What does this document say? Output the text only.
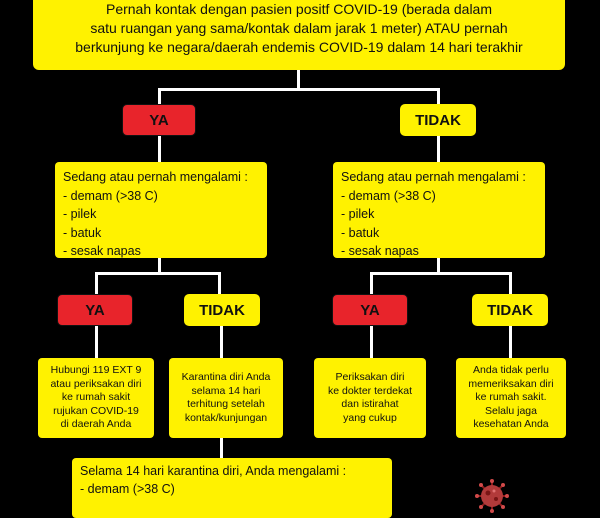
Pernah kontak dengan pasien positf COVID-19 (berada dalam
satu ruangan yang sama/kontak dalam jarak 1 meter) ATAU pernah
berkunjung ke negara/daerah endemis COVID-19 dalam 14 hari terakhir
YA	TIDAK
Sedang atau pernah mengalami :
- demam (>38 C)
- pilek
- batuk
- sesak napas
Sedang atau pernah mengalami :
- demam (>38 C)
- pilek
- batuk
- sesak napas
YA	TIDAK	YA	TIDAK
Hubungi 119 EXT 9
atau periksakan diri
ke rumah sakit
rujukan COVID-19
di daerah Anda
Karantina diri Anda
selama 14 hari
terhitung setelah
kontak/kunjungan
Periksakan diri
ke dokter terdekat
dan istirahat
yang cukup
Anda tidak perlu
memeriksakan diri
ke rumah sakit.
Selalu jaga
kesehatan Anda
Selama 14 hari karantina diri, Anda mengalami :
- demam (>38 C)
